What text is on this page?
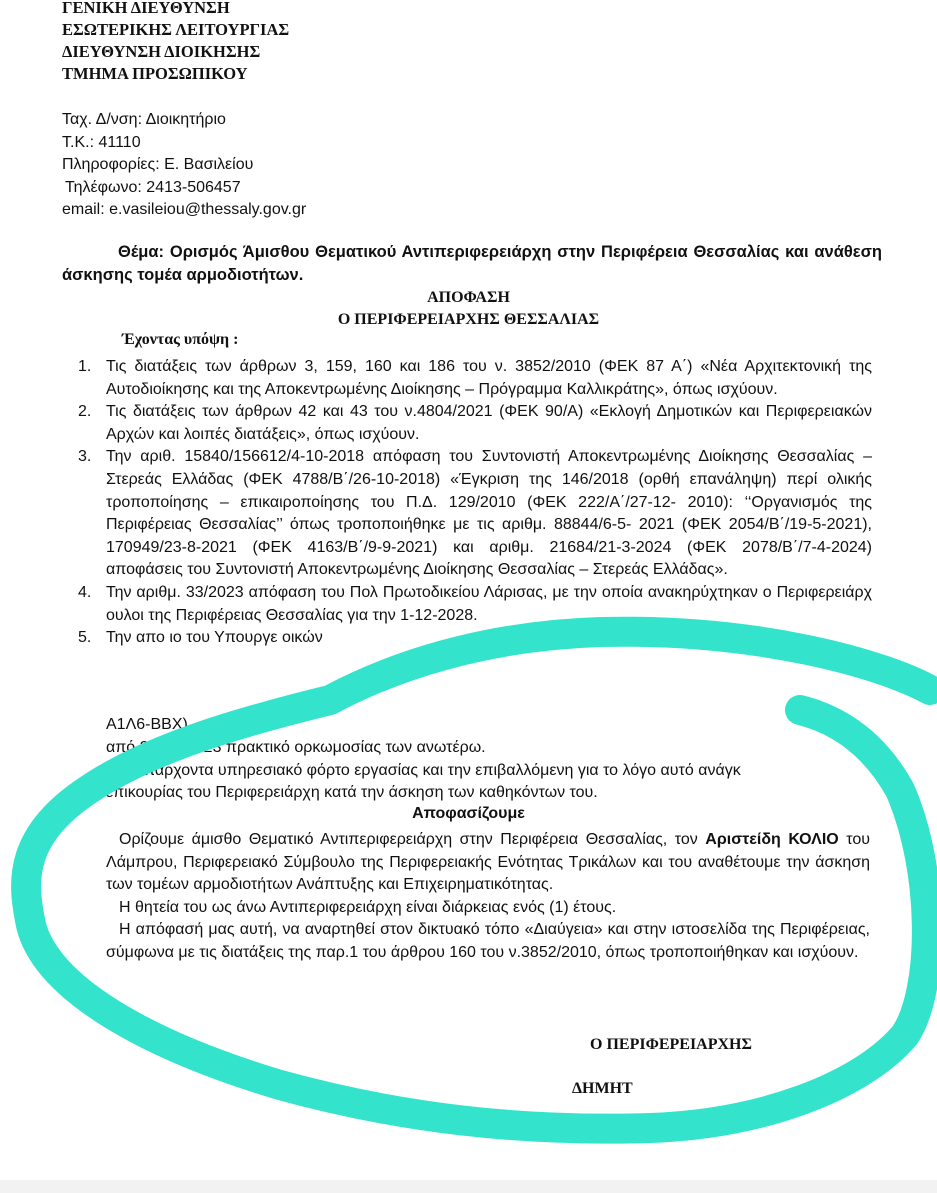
ΓΕΝΙΚΗ ΔΙΕΥΘΥΝΣΗ
ΕΣΩΤΕΡΙΚΗΣ ΛΕΙΤΟΥΡΓΙΑΣ
ΔΙΕΥΘΥΝΣΗ ΔΙΟΙΚΗΣΗΣ
ΤΜΗΜΑ ΠΡΟΣΩΠΙΚΟΥ
Ταχ. Δ/νση: Διοικητήριο
Τ.Κ.: 41110
Πληροφορίες: Ε. Βασιλείου
Τηλέφωνο: 2413-506457
email: e.vasileiou@thessaly.gov.gr
Θέμα: Ορισμός Άμισθου Θεματικού Αντιπεριφερειάρχη στην Περιφέρεια Θεσσαλίας και ανάθεση άσκησης τομέα αρμοδιοτήτων.
ΑΠΟΦΑΣΗ
Ο ΠΕΡΙΦΕΡΕΙΑΡΧΗΣ ΘΕΣΣΑΛΙΑΣ
Έχοντας υπόψη :
1. Τις διατάξεις των άρθρων 3, 159, 160 και 186 του ν. 3852/2010 (ΦΕΚ 87 Α΄) «Νέα Αρχιτεκτονική της Αυτοδιοίκησης και της Αποκεντρωμένης Διοίκησης – Πρόγραμμα Καλλικράτης», όπως ισχύουν.
2. Τις διατάξεις των άρθρων 42 και 43 του ν.4804/2021 (ΦΕΚ 90/Α) «Εκλογή Δημοτικών και Περιφερειακών Αρχών και λοιπές διατάξεις», όπως ισχύουν.
3. Την αριθ. 15840/156612/4-10-2018 απόφαση του Συντονιστή Αποκεντρωμένης Διοίκησης Θεσσαλίας – Στερεάς Ελλάδας (ΦΕΚ 4788/Β΄/26-10-2018) «Έγκριση της 146/2018 (ορθή επανάληψη) περί ολικής τροποποίησης – επικαιροποίησης του Π.Δ. 129/2010 (ΦΕΚ 222/Α΄/27-12- 2010): ‘‘Οργανισμός της Περιφέρειας Θεσσαλίας’’ όπως τροποποιήθηκε με τις αριθμ. 88844/6-5- 2021 (ΦΕΚ 2054/Β΄/19-5-2021), 170949/23-8-2021 (ΦΕΚ 4163/Β΄/9-9-2021) και αριθμ. 21684/21-3-2024 (ΦΕΚ 2078/Β΄/7-4-2024) αποφάσεις του Συντονιστή Αποκεντρωμένης Διοίκησης Θεσσαλίας – Στερεάς Ελλάδας».
4. Την αριθμ. 33/2023 απόφαση του Πολ Πρωτοδικείου Λάρισας, με την οποία ανακηρύχτηκαν ο Περιφερειάρχ ουλοι της Περιφέρειας Θεσσαλίας για την 1-12-2028.
5. Την απο ιο του Υπουργε οικών
Α1Λ6-ΒΒΧ).
από 27-12-2023 πρακτικό ορκωμοσίας των ανωτέρω.
Τον υπάρχοντα υπηρεσιακό φόρτο εργασίας και την επιβαλλόμενη για το λόγο αυτό ανάγκ
επικουρίας του Περιφερειάρχη κατά την άσκηση των καθηκόντων του.
Αποφασίζουμε

Ορίζουμε άμισθο Θεματικό Αντιπεριφερειάρχη στην Περιφέρεια Θεσσαλίας, τον Αριστείδη ΚΟΛΙΟ του Λάμπρου, Περιφερειακό Σύμβουλο της Περιφερειακής Ενότητας Τρικάλων και του αναθέτουμε την άσκηση των τομέων αρμοδιοτήτων Ανάπτυξης και Επιχειρηματικότητας.

Η θητεία του ως άνω Αντιπεριφερειάρχη είναι διάρκειας ενός (1) έτους.

Η απόφασή μας αυτή, να αναρτηθεί στον δικτυακό τόπο «Διαύγεια» και στην ιστοσελίδα της Περιφέρειας, σύμφωνα με τις διατάξεις της παρ.1 του άρθρου 160 του ν.3852/2010, όπως τροποποιήθηκαν και ισχύουν.

Ο ΠΕΡΙΦΕΡΕΙΑΡΧΗΣ
ΔΗΜΗΤ
